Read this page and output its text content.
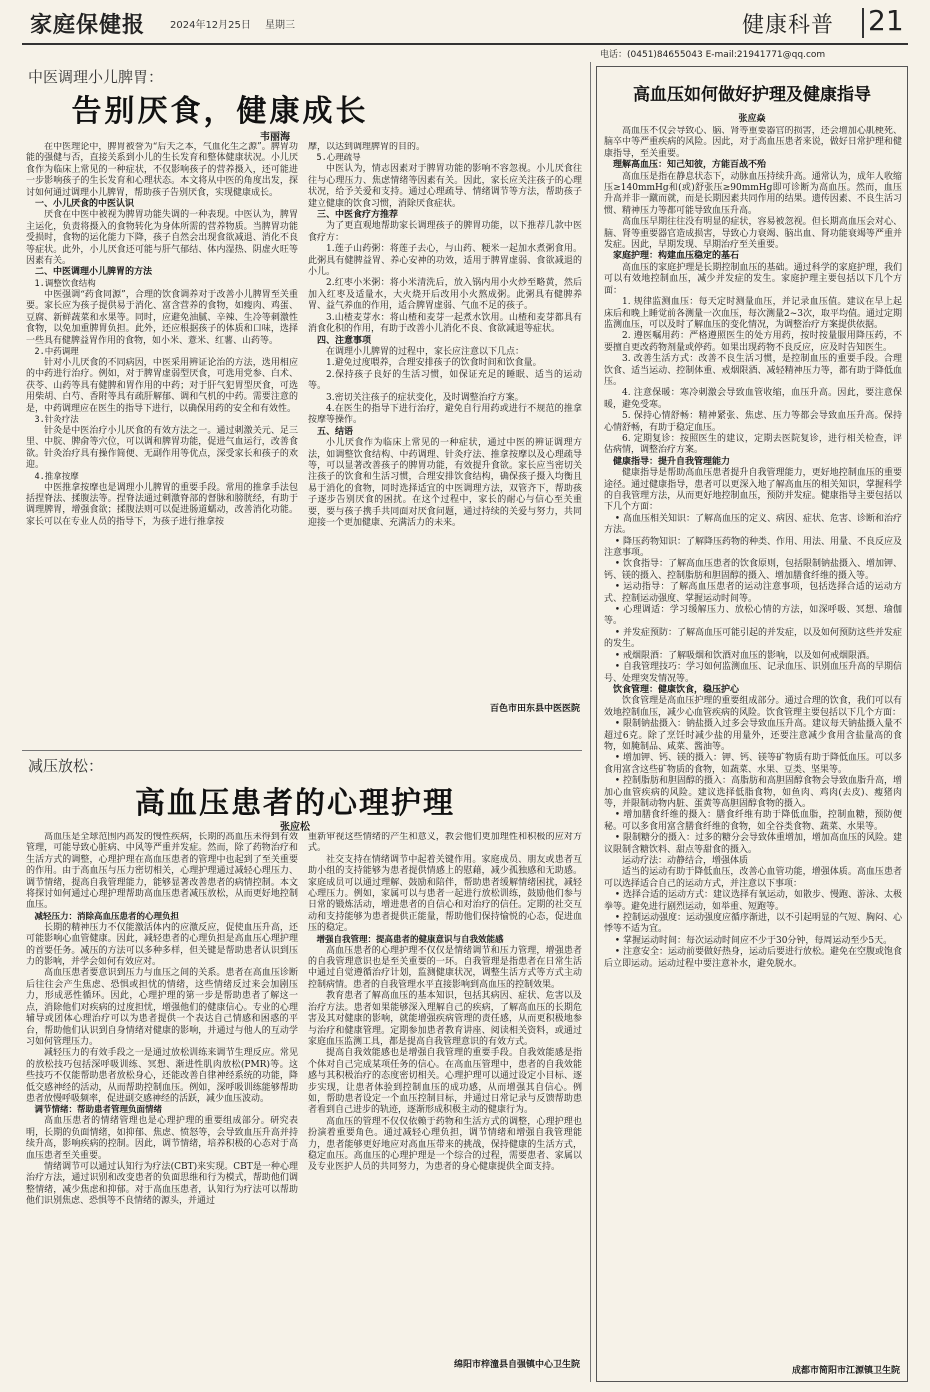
家庭保健报 2024年12月25日 星期三	健康科普 21
电话：(0451)84655043 E-mail:21941771@qq.com
中医调理小儿脾胃：
告别厌食，健康成长
韦丽海

在中医理论中，脾胃被誉为“后天之本，气血化生之源”。脾胃功能的强健与否，直接关系到小儿的生长发育和整体健康状况。小儿厌食作为临床上常见的一种症状，不仅影响孩子的营养摄入，还可能进一步影响孩子的生长发育和心理状态。本文将从中医的角度出发，探讨如何通过调理小儿脾胃，帮助孩子告别厌食，实现健康成长。

一、小儿厌食的中医认识

厌食在中医中被视为脾胃功能失调的一种表现。中医认为，脾胃主运化，负责将摄入的食物转化为身体所需的营养物质。当脾胃功能受损时，食物的运化能力下降，孩子自然会出现食欲减退、消化不良等症状。此外，小儿厌食还可能与肝气郁结、体内湿热、阴虚火旺等因素有关。

二、中医调理小儿脾胃的方法

1.调整饮食结构

中医强调“药食同源”，合理的饮食调养对于改善小儿脾胃至关重要。家长应为孩子提供易于消化、富含营养的食物，如瘦肉、鸡蛋、豆腐、新鲜蔬菜和水果等。同时，应避免油腻、辛辣、生冷等刺激性食物，以免加重脾胃负担。此外，还应根据孩子的体质和口味，选择一些具有健脾益胃作用的食物，如小米、薏米、红薯、山药等。

2.中药调理

针对小儿厌食的不同病因，中医采用辨证论治的方法，选用相应的中药进行治疗。例如，对于脾胃虚弱型厌食，可选用党参、白术、茯苓、山药等具有健脾和胃作用的中药；对于肝气犯胃型厌食，可选用柴胡、白芍、香附等具有疏肝解郁、调和气机的中药。需要注意的是，中药调理应在医生的指导下进行，以确保用药的安全和有效性。

3.针灸疗法

针灸是中医治疗小儿厌食的有效方法之一。通过刺激关元、足三里、中脘、脾俞等穴位，可以调和脾胃功能，促进气血运行，改善食欲。针灸治疗具有操作简便、无副作用等优点，深受家长和孩子的欢迎。

4.推拿按摩

中医推拿按摩也是调理小儿脾胃的重要手段。常用的推拿手法包括捏脊法、揉腹法等。捏脊法通过刺激脊部的督脉和膀胱经，有助于调理脾胃，增强食欲；揉腹法则可以促进肠道蠕动，改善消化功能。家长可以在专业人员的指导下，为孩子进行推拿按

摩，以达到调理脾胃的目的。

5.心理疏导

中医认为，情志因素对于脾胃功能的影响不容忽视。小儿厌食往往与心理压力、焦虑情绪等因素有关。因此，家长应关注孩子的心理状况，给予关爱和支持。通过心理疏导、情绪调节等方法，帮助孩子建立健康的饮食习惯，消除厌食症状。

三、中医食疗方推荐

为了更直观地帮助家长调理孩子的脾胃功能，以下推荐几款中医食疗方：

1.莲子山药粥：将莲子去心，与山药、粳米一起加水煮粥食用。此粥具有健脾益胃、养心安神的功效，适用于脾胃虚弱、食欲减退的小儿。

2.红枣小米粥：将小米清洗后，放入锅内用小火炒至略黄，然后加入红枣及适量水，大火烧开后改用小火熬成粥。此粥具有健脾养胃、益气养血的作用，适合脾胃虚弱、气血不足的孩子。

3.山楂麦芽水：将山楂和麦芽一起煮水饮用。山楂和麦芽都具有消食化积的作用，有助于改善小儿消化不良、食欲减退等症状。

四、注意事项

在调理小儿脾胃的过程中，家长应注意以下几点：

1.避免过度喂养，合理安排孩子的饮食时间和饮食量。

2.保持孩子良好的生活习惯，如保证充足的睡眠、适当的运动等。

3.密切关注孩子的症状变化，及时调整治疗方案。

4.在医生的指导下进行治疗，避免自行用药或进行不规范的推拿按摩等操作。

五、结语

小儿厌食作为临床上常见的一种症状，通过中医的辨证调理方法，如调整饮食结构、中药调理、针灸疗法、推拿按摩以及心理疏导等，可以显著改善孩子的脾胃功能，有效提升食欲。家长应当密切关注孩子的饮食和生活习惯，合理安排饮食结构，确保孩子摄入均衡且易于消化的食物，同时选择适宜的中医调理方法，双管齐下，帮助孩子逐步告别厌食的困扰。在这个过程中，家长的耐心与信心至关重要，要与孩子携手共同面对厌食问题，通过持续的关爱与努力，共同迎接一个更加健康、充满活力的未来。

百色市田东县中医医院
减压放松：
高血压患者的心理护理
张应松

高血压是全球范围内高发的慢性疾病，长期的高血压未得到有效管理，可能导致心脏病、中风等严重并发症。然而，除了药物治疗和生活方式的调整，心理护理在高血压患者的管理中也起到了至关重要的作用。由于高血压与压力密切相关，心理护理通过减轻心理压力、调节情绪，提高自我管理能力，能够显著改善患者的病情控制。本文将探讨如何通过心理护理帮助高血压患者减压放松，从而更好地控制血压。

减轻压力：消除高血压患者的心理负担

长期的精神压力不仅能激活体内的应激反应，促使血压升高，还可能影响心血管健康。因此，减轻患者的心理负担是高血压心理护理的首要任务。减压的方法可以多种多样，但关键是帮助患者认识到压力的影响，并学会如何有效应对。

高血压患者要意识到压力与血压之间的关系。患者在高血压诊断后往往会产生焦虑、恐惧或担忧的情绪，这些情绪反过来会加剧压力，形成恶性循环。因此，心理护理的第一步是帮助患者了解这一点，消除他们对疾病的过度担忧，增强他们的健康信心。专业的心理辅导或团体心理治疗可以为患者提供一个表达自己情感和困惑的平台，帮助他们认识到自身情绪对健康的影响，并通过与他人的互动学习如何管理压力。

减轻压力的有效手段之一是通过放松训练来调节生理反应。常见的放松技巧包括深呼吸训练、冥想、渐进性肌肉放松(PMR)等。这些技巧不仅能帮助患者放松身心，还能改善自律神经系统的功能，降低交感神经的活动，从而帮助控制血压。例如，深呼吸训练能够帮助患者放慢呼吸频率，促进副交感神经的活跃，减少血压波动。

调节情绪：帮助患者管理负面情绪

高血压患者的情绪管理也是心理护理的重要组成部分。研究表明，长期的负面情绪，如抑郁、焦虑、愤怒等，会导致血压升高并持续升高，影响疾病的控制。因此，调节情绪，培养积极的心态对于高血压患者至关重要。

情绪调节可以通过认知行为疗法(CBT)来实现。CBT是一种心理治疗方法，通过识别和改变患者的负面思维和行为模式，帮助他们调整情绪，减少焦虑和抑郁。对于高血压患者，认知行为疗法可以帮助他们识别焦虑、恐惧等不良情绪的源头，并通过

重新审视这些情绪的产生和意义，教会他们更加理性和积极的应对方式。

社交支持在情绪调节中起着关键作用。家庭成员、朋友或患者互助小组的支持能够为患者提供情感上的慰藉，减少孤独感和无助感。家庭成员可以通过理解、鼓励和陪伴，帮助患者缓解情绪困扰，减轻心理压力。例如，家属可以与患者一起进行放松训练，鼓励他们参与日常的锻炼活动，增进患者的自信心和对治疗的信任。定期的社交互动和支持能够为患者提供正能量，帮助他们保持愉悦的心态，促进血压的稳定。

增强自我管理：提高患者的健康意识与自我效能感

高血压患者的心理护理不仅仅是情绪调节和压力管理，增强患者的自我管理意识也是至关重要的一环。自我管理是指患者在日常生活中通过自觉遵循治疗计划，监测健康状况，调整生活方式等方式主动控制病情。患者的自我管理水平直接影响到高血压的控制效果。

教育患者了解高血压的基本知识，包括其病因、症状、危害以及治疗方法。患者如果能够深入理解自己的疾病，了解高血压的长期危害及其对健康的影响，就能增强疾病管理的责任感，从而更积极地参与治疗和健康管理。定期参加患者教育讲座、阅读相关资料，或通过家庭血压监测工具，都是提高自我管理意识的有效方式。

提高自我效能感也是增强自我管理的重要手段。自我效能感是指个体对自己完成某项任务的信心。在高血压管理中，患者的自我效能感与其积极治疗的态度密切相关。心理护理可以通过设定小目标、逐步实现，让患者体验到控制血压的成功感，从而增强其自信心。例如，帮助患者设定一个血压控制目标，并通过日常记录与反馈帮助患者看到自己进步的轨迹，逐渐形成积极主动的健康行为。

高血压的管理不仅仅依赖于药物和生活方式的调整，心理护理也扮演着重要角色。通过减轻心理负担，调节情绪和增强自我管理能力，患者能够更好地应对高血压带来的挑战，保持健康的生活方式，稳定血压。高血压的心理护理是一个综合的过程，需要患者、家属以及专业医护人员的共同努力，为患者的身心健康提供全面支持。

绵阳市梓潼县自强镇中心卫生院
高血压如何做好护理及健康指导
张应焱

高血压不仅会导致心、脑、肾等重要器官的损害，还会增加心肌梗死、脑卒中等严重疾病的风险。因此，对于高血压患者来说，做好日常护理和健康指导，至关重要。

理解高血压：知己知彼，方能百战不殆

高血压是指在静息状态下，动脉血压持续升高。通常认为，成年人收缩压≥140mmHg和(或)舒张压≥90mmHg即可诊断为高血压。然而，血压升高并非一蹴而就，而是长期因素共同作用的结果。遗传因素、不良生活习惯、精神压力等都可能导致血压升高。

高血压早期往往没有明显的症状，容易被忽视。但长期高血压会对心、脑、肾等重要器官造成损害，导致心力衰竭、脑出血、肾功能衰竭等严重并发症。因此，早期发现、早期治疗至关重要。

家庭护理：构建血压稳定的基石

高血压的家庭护理是长期控制血压的基础。通过科学的家庭护理，我们可以有效地控制血压，减少并发症的发生。家庭护理主要包括以下几个方面：

1. 规律监测血压：每天定时测量血压，并记录血压值。建议在早上起床后和晚上睡觉前各测量一次血压，每次测量2~3次，取平均值。通过定期监测血压，可以及时了解血压的变化情况，为调整治疗方案提供依据。

2. 遵医嘱用药：严格遵照医生的处方用药，按时按量服用降压药，不要擅自更改药物剂量或停药。如果出现药物不良反应，应及时告知医生。

3. 改善生活方式：改善不良生活习惯，是控制血压的重要手段。合理饮食、适当运动、控制体重、戒烟限酒、减轻精神压力等，都有助于降低血压。

4. 注意保暖：寒冷刺激会导致血管收缩，血压升高。因此，要注意保暖，避免受寒。

5. 保持心情舒畅：精神紧张、焦虑、压力等都会导致血压升高。保持心情舒畅，有助于稳定血压。

6. 定期复诊：按照医生的建议，定期去医院复诊，进行相关检查，评估病情，调整治疗方案。

健康指导：提升自我管理能力

健康指导是帮助高血压患者提升自我管理能力，更好地控制血压的重要途径。通过健康指导，患者可以更深入地了解高血压的相关知识，掌握科学的自我管理方法，从而更好地控制血压，预防并发症。健康指导主要包括以下几个方面：

• 高血压相关知识：了解高血压的定义、病因、症状、危害、诊断和治疗方法。

• 降压药物知识：了解降压药物的种类、作用、用法、用量、不良反应及注意事项。

• 饮食指导：了解高血压患者的饮食原则，包括限制钠盐摄入、增加钾、钙、镁的摄入、控制脂肪和胆固醇的摄入、增加膳食纤维的摄入等。

• 运动指导：了解高血压患者的运动注意事项，包括选择合适的运动方式、控制运动强度、掌握运动时间等。

• 心理调适：学习缓解压力、放松心情的方法，如深呼吸、冥想、瑜伽等。

• 并发症预防：了解高血压可能引起的并发症，以及如何预防这些并发症的发生。

• 戒烟限酒：了解吸烟和饮酒对血压的影响，以及如何戒烟限酒。

• 自我管理技巧：学习如何监测血压、记录血压、识别血压升高的早期信号、处理突发情况等。

饮食管理：健康饮食，稳压护心

饮食管理是高血压护理的重要组成部分。通过合理的饮食，我们可以有效地控制血压，减少心血管疾病的风险。饮食管理主要包括以下几个方面：

• 限制钠盐摄入：钠盐摄入过多会导致血压升高。建议每天钠盐摄入量不超过6克。除了烹饪时减少盐的用量外，还要注意减少食用含盐量高的食物，如腌制品、咸菜、酱油等。

• 增加钾、钙、镁的摄入：钾、钙、镁等矿物质有助于降低血压。可以多食用富含这些矿物质的食物，如蔬菜、水果、豆类、坚果等。

• 控制脂肪和胆固醇的摄入：高脂肪和高胆固醇食物会导致血脂升高，增加心血管疾病的风险。建议选择低脂食物，如鱼肉、鸡肉(去皮)、瘦猪肉等，并限制动物内脏、蛋黄等高胆固醇食物的摄入。

• 增加膳食纤维的摄入：膳食纤维有助于降低血脂，控制血糖，预防便秘。可以多食用富含膳食纤维的食物，如全谷类食物、蔬菜、水果等。

• 限制糖分的摄入：过多的糖分会导致体重增加，增加高血压的风险。建议限制含糖饮料、甜点等甜食的摄入。

运动疗法：动静结合，增强体质

适当的运动有助于降低血压，改善心血管功能，增强体质。高血压患者可以选择适合自己的运动方式，并注意以下事项：

• 选择合适的运动方式：建议选择有氧运动，如散步、慢跑、游泳、太极拳等。避免进行剧烈运动，如举重、短跑等。

• 控制运动强度：运动强度应循序渐进，以不引起明显的气短、胸闷、心悸等不适为宜。

• 掌握运动时间：每次运动时间应不少于30分钟，每周运动至少5天。

• 注意安全：运动前要做好热身，运动后要进行放松。避免在空腹或饱食后立即运动。运动过程中要注意补水，避免脱水。

成都市简阳市江源镇卫生院
